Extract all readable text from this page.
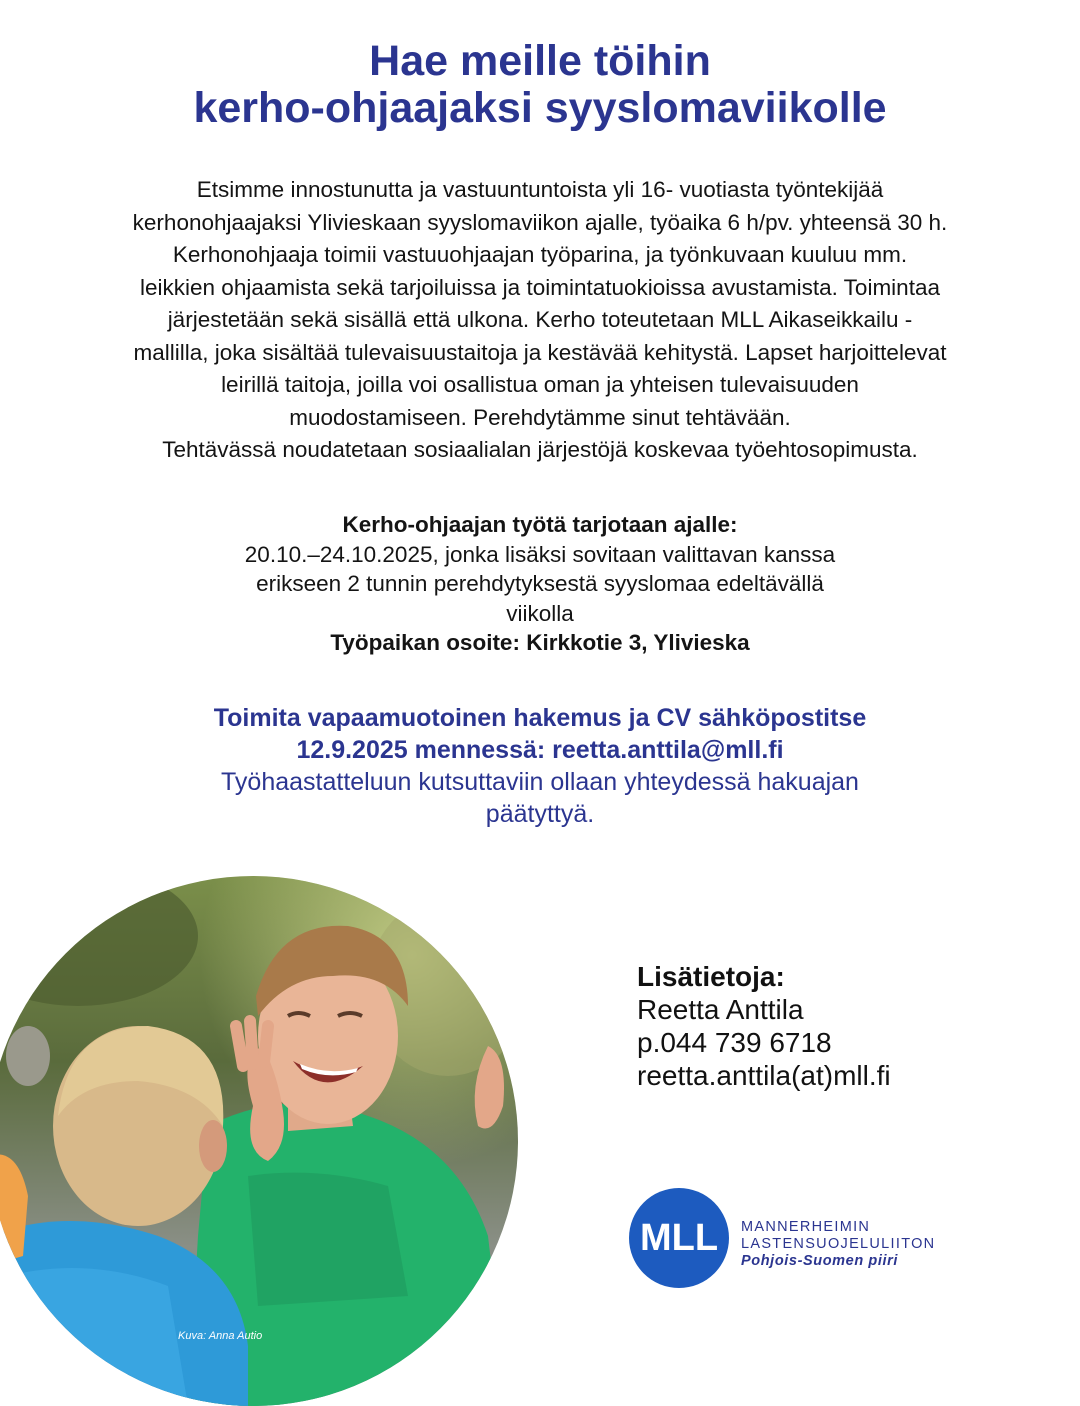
Hae meille töihin
kerho-ohjaajaksi syyslomaviikolle

Etsimme innostunutta ja vastuuntuntoista yli 16- vuotiasta työntekijää
kerhonohjaajaksi Ylivieskaan syyslomaviikon ajalle, työaika 6 h/pv. yhteensä 30 h.
Kerhonohjaaja toimii vastuuohjaajan työparina, ja työnkuvaan kuuluu mm.
leikkien ohjaamista sekä tarjoiluissa ja toimintatuokioissa avustamista. Toimintaa
järjestetään sekä sisällä että ulkona. Kerho toteutetaan MLL Aikaseikkailu -
mallilla, joka sisältää tulevaisuustaitoja ja kestävää kehitystä. Lapset harjoittelevat
leirillä taitoja, joilla voi osallistua oman ja yhteisen tulevaisuuden
muodostamiseen. Perehdytämme sinut tehtävään.
Tehtävässä noudatetaan sosiaalialan järjestöjä koskevaa työehtosopimusta.

Kerho-ohjaajan työtä tarjotaan ajalle:
20.10.–24.10.2025, jonka lisäksi sovitaan valittavan kanssa
erikseen 2 tunnin perehdytyksestä syyslomaa edeltävällä
viikolla
Työpaikan osoite: Kirkkotie 3, Ylivieska
Toimita vapaamuotoinen hakemus ja CV sähköpostitse
12.9.2025 mennessä: reetta.anttila@mll.fi
Työhaastatteluun kutsuttaviin ollaan yhteydessä hakuajan
päätyttyä.
Kuva: Anna Autio
Lisätietoja:
Reetta Anttila
p.044 739 6718
reetta.anttila(at)mll.fi
MLL MANNERHEIMIN
LASTENSUOJELULIITON
Pohjois-Suomen piiri
